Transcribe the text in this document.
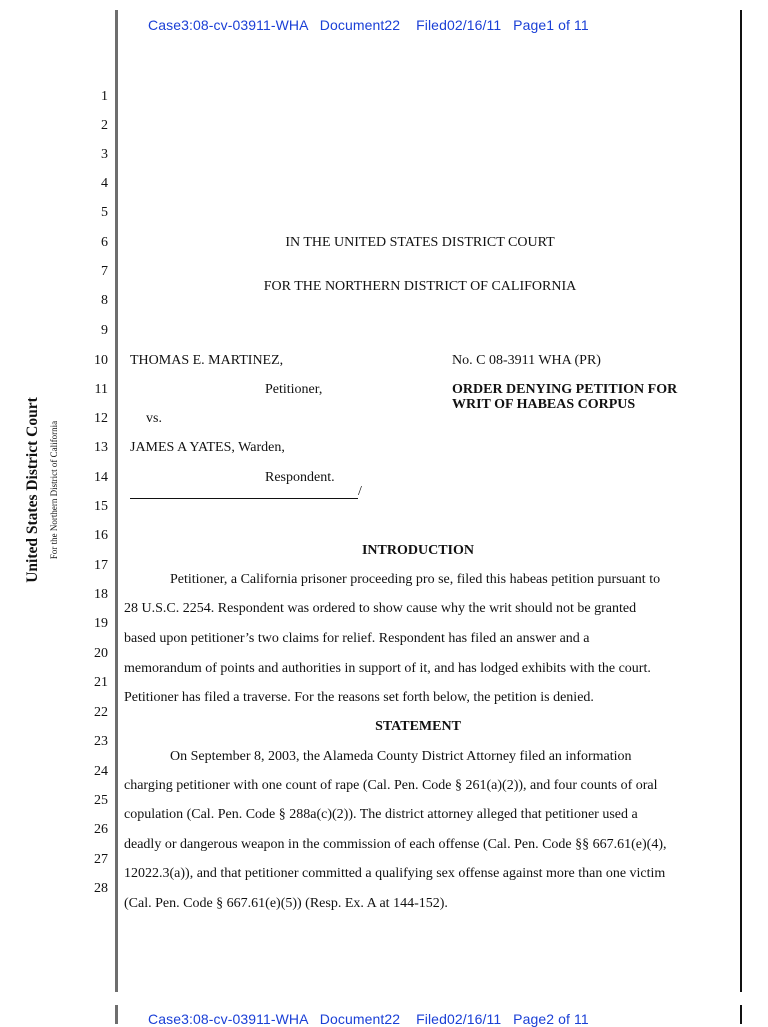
Case3:08-cv-03911-WHA   Document22    Filed02/16/11   Page1 of 11
United States District Court For the Northern District of California
1
2
3
4
5
6
7
8
9
10
11
12
13
14
15
16
17
18
19
20
21
22
23
24
25
26
27
28
IN THE UNITED STATES DISTRICT COURT
FOR THE NORTHERN DISTRICT OF CALIFORNIA
THOMAS E. MARTINEZ,
Petitioner,
vs.
JAMES A YATES, Warden,
Respondent.
/
No. C 08-3911 WHA (PR)
ORDER DENYING PETITION FOR
WRIT OF HABEAS CORPUS
INTRODUCTION
Petitioner, a California prisoner proceeding pro se, filed this habeas petition pursuant to
28 U.S.C. 2254. Respondent was ordered to show cause why the writ should not be granted
based upon petitioner’s two claims for relief. Respondent has filed an answer and a
memorandum of points and authorities in support of it, and has lodged exhibits with the court.
Petitioner has filed a traverse. For the reasons set forth below, the petition is denied.
STATEMENT
On September 8, 2003, the Alameda County District Attorney filed an information
charging petitioner with one count of rape (Cal. Pen. Code § 261(a)(2)), and four counts of oral
copulation (Cal. Pen. Code § 288a(c)(2)). The district attorney alleged that petitioner used a
deadly or dangerous weapon in the commission of each offense (Cal. Pen. Code §§ 667.61(e)(4),
12022.3(a)), and that petitioner committed a qualifying sex offense against more than one victim
(Cal. Pen. Code § 667.61(e)(5)) (Resp. Ex. A at 144-152).
Case3:08-cv-03911-WHA   Document22    Filed02/16/11   Page2 of 11
